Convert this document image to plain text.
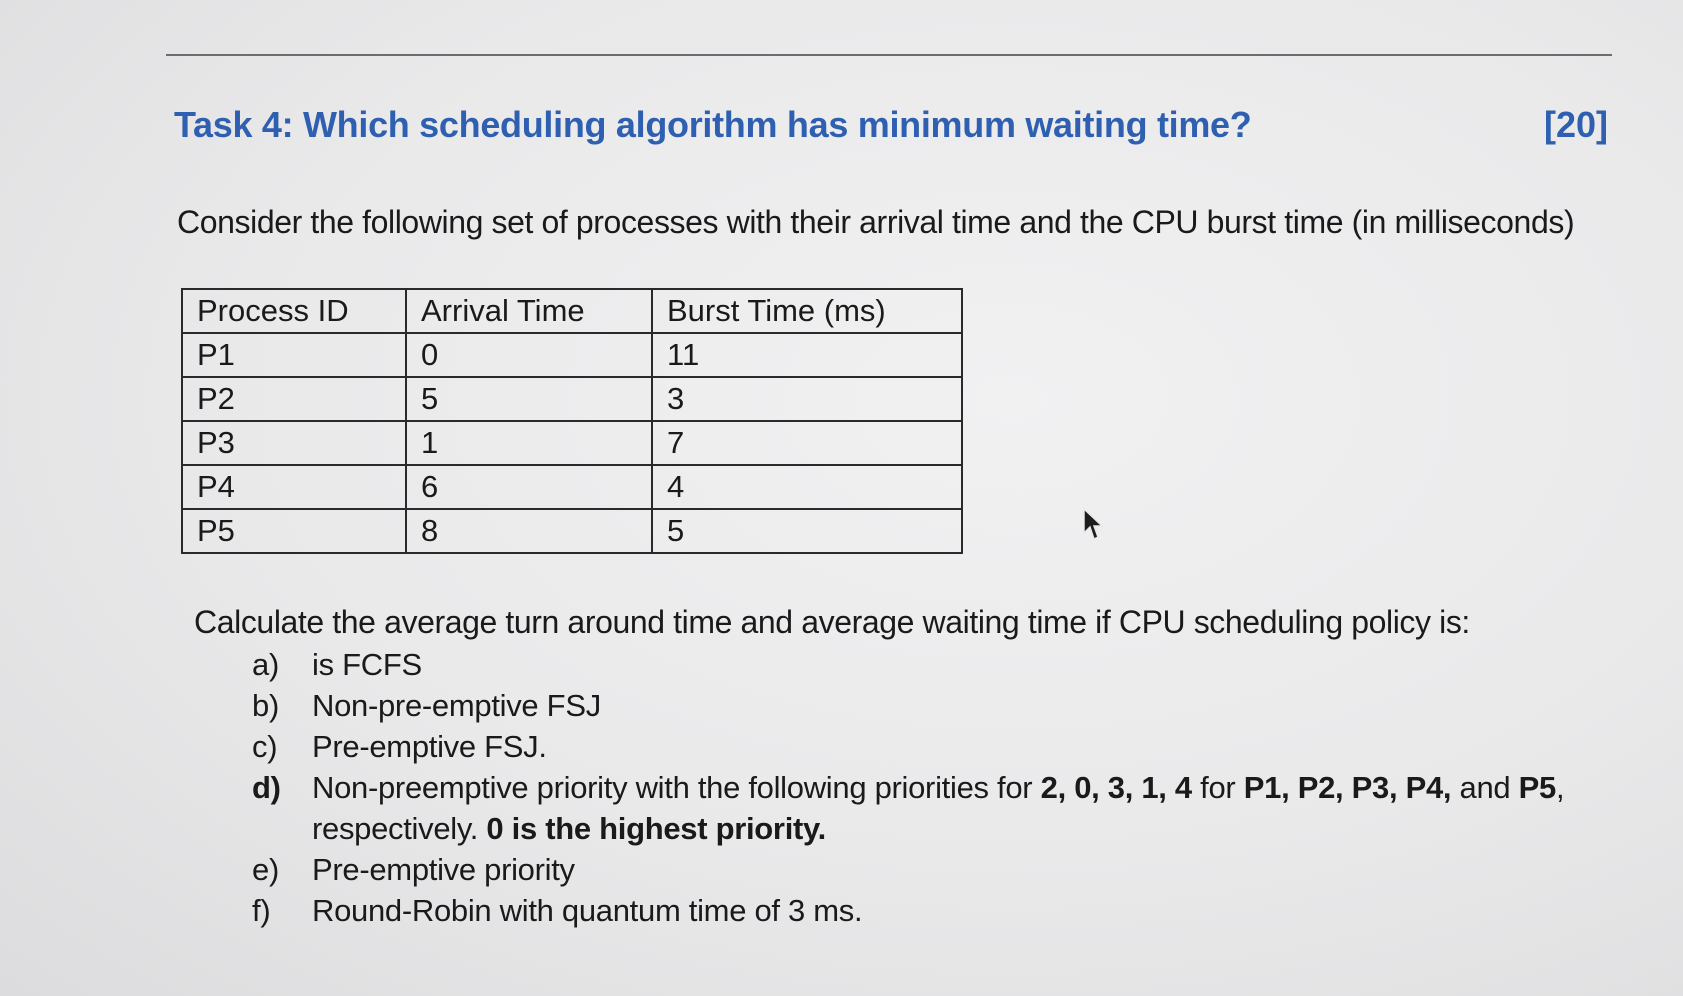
Task 4: Which scheduling algorithm has minimum waiting time?	[20]
Consider the following set of processes with their arrival time and the CPU burst time (in milliseconds)
Process ID	Arrival Time	Burst Time (ms)
P1	0	11
P2	5	3
P3	1	7
P4	6	4
P5	8	5
Calculate the average turn around time and average waiting time if CPU scheduling policy is:
a)	is FCFS
b)	Non-pre-emptive FSJ
c)	Pre-emptive FSJ.
d)	Non-preemptive priority with the following priorities for 2, 0, 3, 1, 4 for P1, P2, P3, P4, and P5, respectively. 0 is the highest priority.
e)	Pre-emptive priority
f)	Round-Robin with quantum time of 3 ms.
